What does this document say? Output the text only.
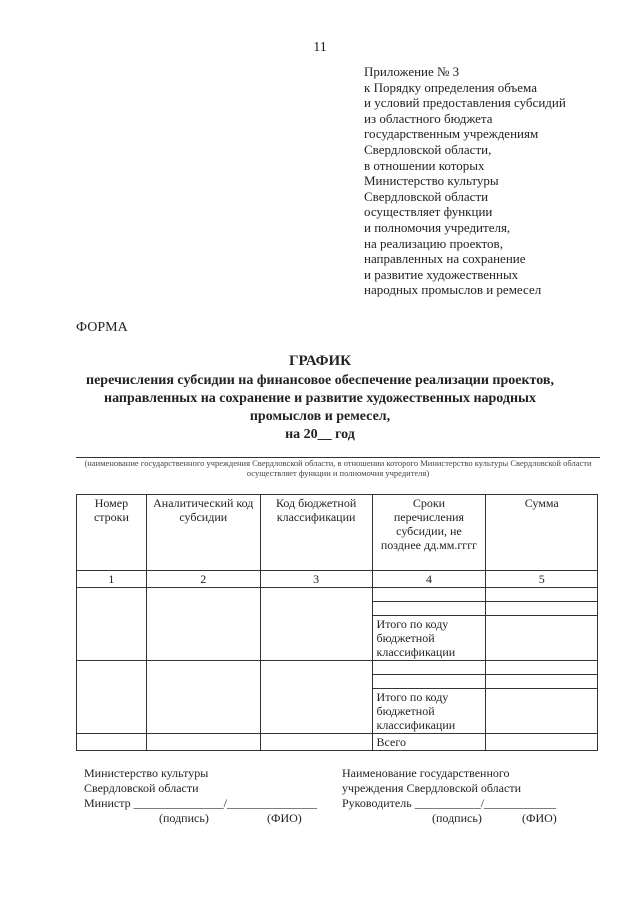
11
Приложение № 3
к Порядку определения объема
и условий предоставления субсидий
из областного бюджета
государственным учреждениям
Свердловской области,
в отношении которых
Министерство культуры
Свердловской области
осуществляет функции
и полномочия учредителя,
на реализацию проектов,
направленных на сохранение
и развитие художественных
народных промыслов и ремесел
ФОРМА
ГРАФИК
перечисления субсидии на финансовое обеспечение реализации проектов,
направленных на сохранение и развитие художественных народных
промыслов и ремесел,
на 20__ год
(наименование государственного учреждения Свердловской области, в отношении которого Министерство культуры Свердловской области осуществляет функции и полномочия учредителя)
Номер строки	Аналитический код субсидии	Код бюджетной классификации	Сроки перечисления субсидии, не позднее дд.мм.гггг	Сумма
1	2	3	4	5

			Итого по коду бюджетной классификации	

			Итого по коду бюджетной классификации	
			Всего	
Министерство культуры
Свердловской области
Министр _______________/_______________
(подпись)	(ФИО)
Наименование государственного
учреждения Свердловской области
Руководитель ___________/____________
(подпись)	(ФИО)
